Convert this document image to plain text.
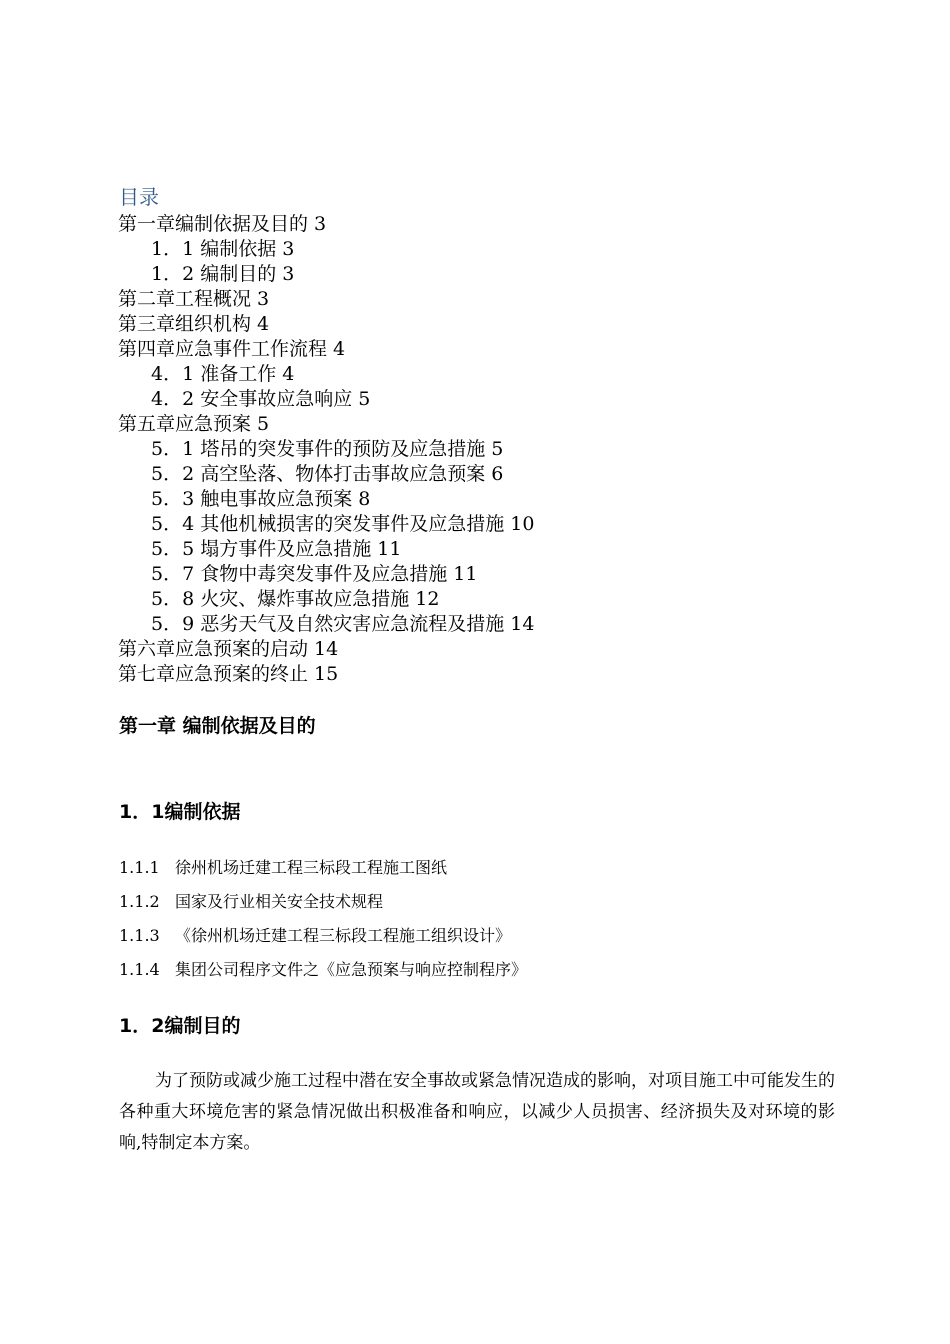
目录
第一章编制依据及目的 3
1．1 编制依据 3
1．2 编制目的 3
第二章工程概况 3
第三章组织机构 4
第四章应急事件工作流程 4
4．1 准备工作 4
4．2 安全事故应急响应 5
第五章应急预案 5
5．1 塔吊的突发事件的预防及应急措施 5
5．2 高空坠落、物体打击事故应急预案 6
5．3 触电事故应急预案 8
5．4 其他机械损害的突发事件及应急措施 10
5．5 塌方事件及应急措施 11
5．7 食物中毒突发事件及应急措施 11
5．8 火灾、爆炸事故应急措施 12
5．9 恶劣天气及自然灾害应急流程及措施 14
第六章应急预案的启动 14
第七章应急预案的终止 15
第一章 编制依据及目的
1．1编制依据
1.1.1 徐州机场迁建工程三标段工程施工图纸
1.1.2 国家及行业相关安全技术规程
1.1.3 《徐州机场迁建工程三标段工程施工组织设计》
1.1.4 集团公司程序文件之《应急预案与响应控制程序》
1．2编制目的

为了预防或减少施工过程中潜在安全事故或紧急情况造成的影响，对项目施工中可能发生的各种重大环境危害的紧急情况做出积极准备和响应，以减少人员损害、经济损失及对环境的影响,特制定本方案。
